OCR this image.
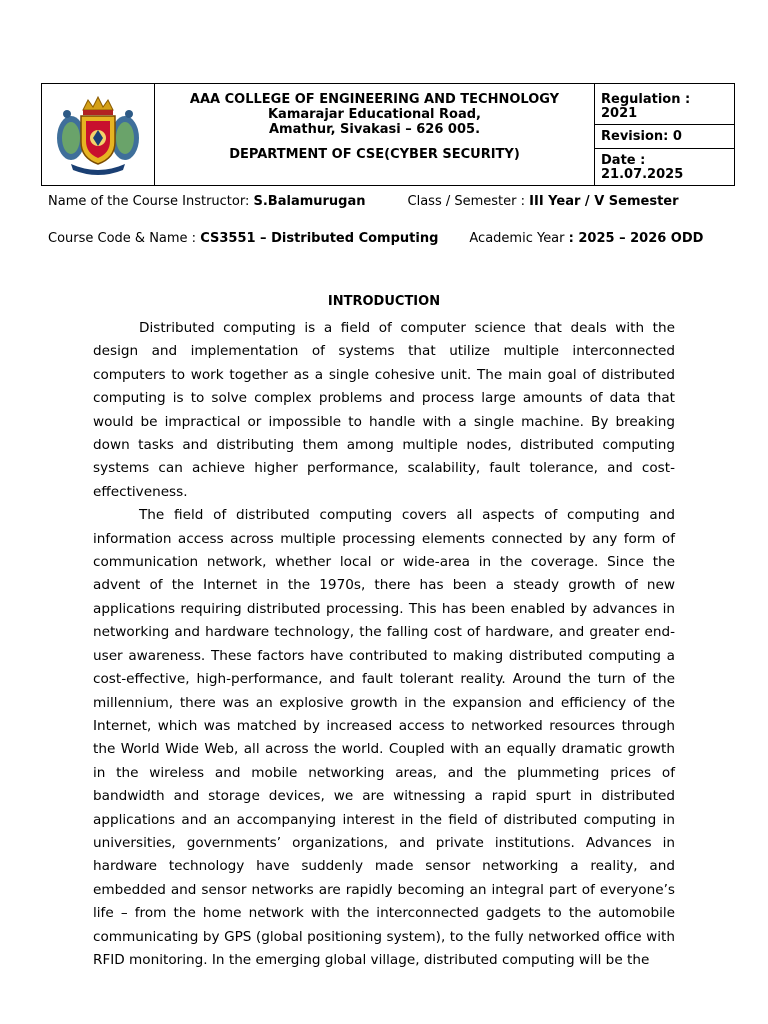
AAA COLLEGE OF ENGINEERING AND TECHNOLOGY
Kamarajar Educational Road,
Amathur, Sivakasi – 626 005.
DEPARTMENT OF CSE(CYBER SECURITY)
Regulation : 2021
Revision: 0
Date :
21.07.2025
Name of the Course Instructor: S.Balamurugan	Class / Semester : III Year / V Semester
Course Code & Name : CS3551 – Distributed Computing Academic Year : 2025 – 2026 ODD
INTRODUCTION

Distributed computing is a field of computer science that deals with the design and implementation of systems that utilize multiple interconnected computers to work together as a single cohesive unit. The main goal of distributed computing is to solve complex problems and process large amounts of data that would be impractical or impossible to handle with a single machine. By breaking down tasks and distributing them among multiple nodes, distributed computing systems can achieve higher performance, scalability, fault tolerance, and cost-effectiveness.

The field of distributed computing covers all aspects of computing and information access across multiple processing elements connected by any form of communication network, whether local or wide-area in the coverage. Since the advent of the Internet in the 1970s, there has been a steady growth of new applications requiring distributed processing. This has been enabled by advances in networking and hardware technology, the falling cost of hardware, and greater end-user awareness. These factors have contributed to making distributed computing a cost-effective, high-performance, and fault tolerant reality. Around the turn of the millennium, there was an explosive growth in the expansion and efficiency of the Internet, which was matched by increased access to networked resources through the World Wide Web, all across the world. Coupled with an equally dramatic growth in the wireless and mobile networking areas, and the plummeting prices of bandwidth and storage devices, we are witnessing a rapid spurt in distributed applications and an accompanying interest in the field of distributed computing in universities, governments’ organizations, and private institutions. Advances in hardware technology have suddenly made sensor networking a reality, and embedded and sensor networks are rapidly becoming an integral part of everyone’s life – from the home network with the interconnected gadgets to the automobile communicating by GPS (global positioning system), to the fully networked office with RFID monitoring. In the emerging global village, distributed computing will be the
